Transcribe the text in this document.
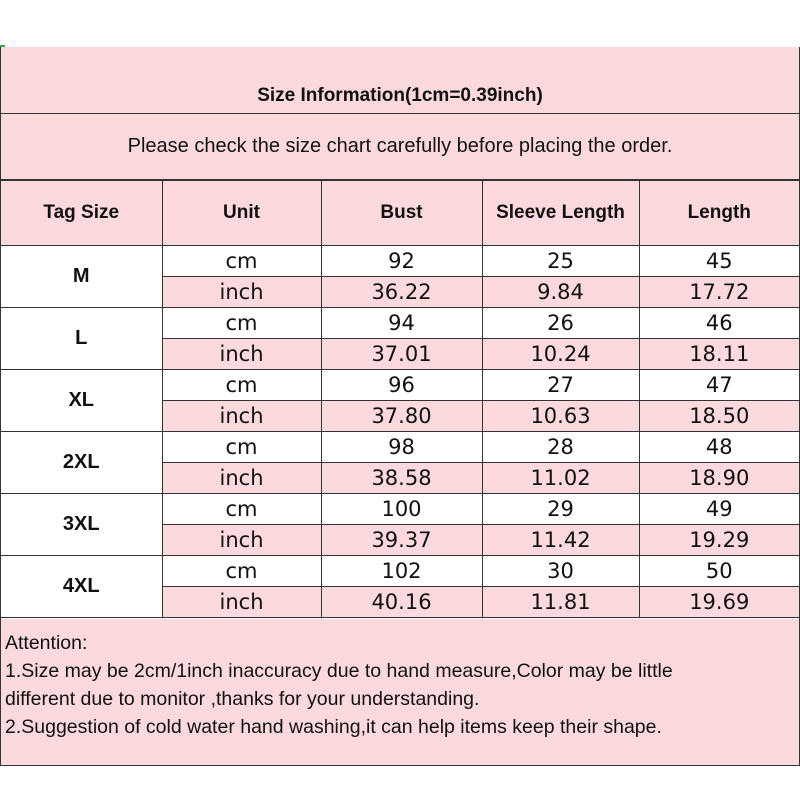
Size Information(1cm=0.39inch)
Please check the size chart carefully before placing the order.
Tag Size	Unit	Bust	Sleeve Length	Length
M	cm	92	25	45
	inch	36.22	9.84	17.72
L	cm	94	26	46
	inch	37.01	10.24	18.11
XL	cm	96	27	47
	inch	37.80	10.63	18.50
2XL	cm	98	28	48
	inch	38.58	11.02	18.90
3XL	cm	100	29	49
	inch	39.37	11.42	19.29
4XL	cm	102	30	50
	inch	40.16	11.81	19.69
Attention:
1.Size may be 2cm/1inch inaccuracy due to hand measure,Color may be little
different due to monitor ,thanks for your understanding.
2.Suggestion of cold water hand washing,it can help items keep their shape.
